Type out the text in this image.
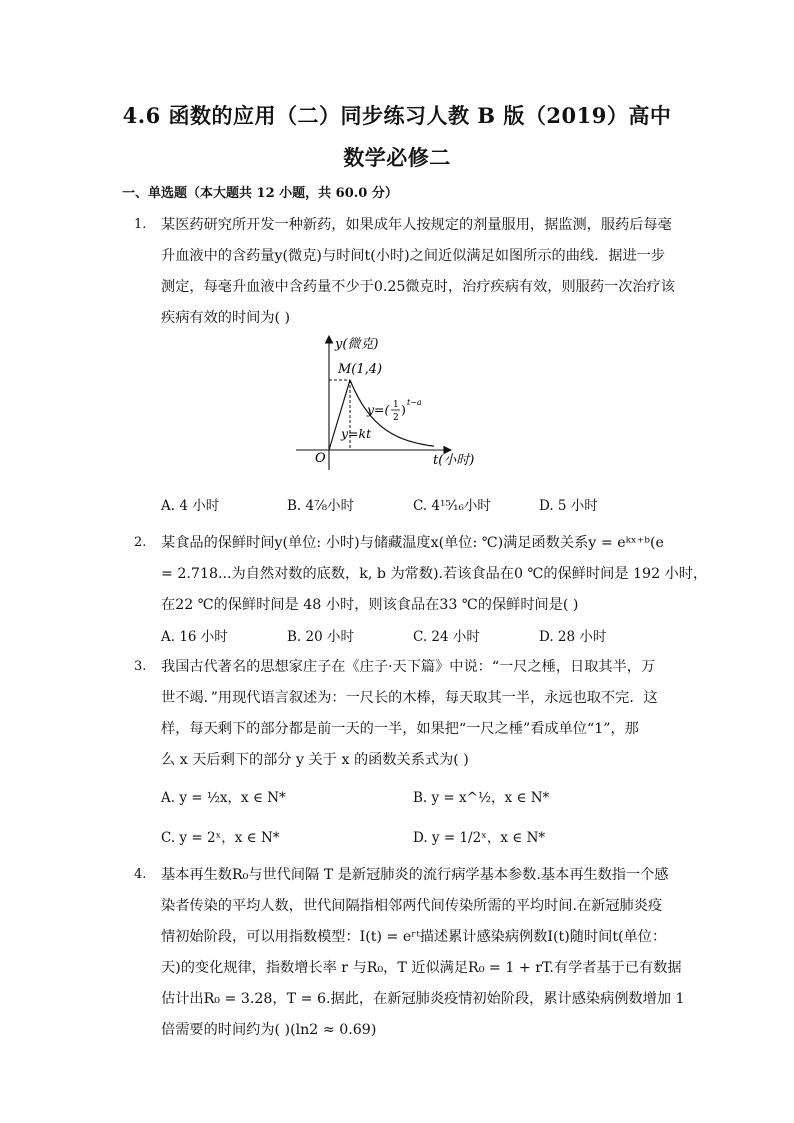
4.6 函数的应用（二）同步练习人教 B 版（2019）高中
数学必修二
一、单选题（本大题共 12 小题，共 60.0 分）
1. 某医药研究所开发一种新药，如果成年人按规定的剂量服用，据监测，服药后每毫
升血液中的含药量y(微克)与时间t(小时)之间近似满足如图所示的曲线．据进一步
测定，每毫升血液中含药量不少于0.25微克时，治疗疾病有效，则服药一次治疗该
疾病有效的时间为( )
y(微克)
t(小时)
O
M(1,4)
y=( 1
2
) t−a
y=kt
A. 4 小时	B. 4⁷⁄₈小时	C. 4¹⁵⁄₁₆小时	D. 5 小时
2. 某食品的保鲜时间y(单位: 小时)与储藏温度x(单位: ℃)满足函数关系y = eᵏˣ⁺ᵇ(e
= 2.718...为自然对数的底数，k, b 为常数).若该食品在0 ℃的保鲜时间是 192 小时，
在22 ℃的保鲜时间是 48 小时，则该食品在33 ℃的保鲜时间是( )
A. 16 小时	B. 20 小时	C. 24 小时	D. 28 小时
3. 我国古代著名的思想家庄子在《庄子·天下篇》中说：“一尺之棰，日取其半，万
世不竭．”用现代语言叙述为：一尺长的木棒，每天取其一半，永远也取不完．这
样，每天剩下的部分都是前一天的一半，如果把“一尺之棰”看成单位“1”，那
么 x 天后剩下的部分 y 关于 x 的函数关系式为( )
A. y = ½x，x ∈ N*	B. y = x^½，x ∈ N*
C. y = 2ˣ，x ∈ N*	D. y = 1/2ˣ，x ∈ N*
4. 基本再生数R₀与世代间隔 T 是新冠肺炎的流行病学基本参数.基本再生数指一个感
染者传染的平均人数，世代间隔指相邻两代间传染所需的平均时间.在新冠肺炎疫
情初始阶段，可以用指数模型：I(t) = eʳᵗ描述累计感染病例数I(t)随时间t(单位：
天)的变化规律，指数增长率 r 与R₀，T 近似满足R₀ = 1 + rT.有学者基于已有数据
估计出R₀ = 3.28，T = 6.据此，在新冠肺炎疫情初始阶段，累计感染病例数增加 1
倍需要的时间约为( )(ln2 ≈ 0.69)
